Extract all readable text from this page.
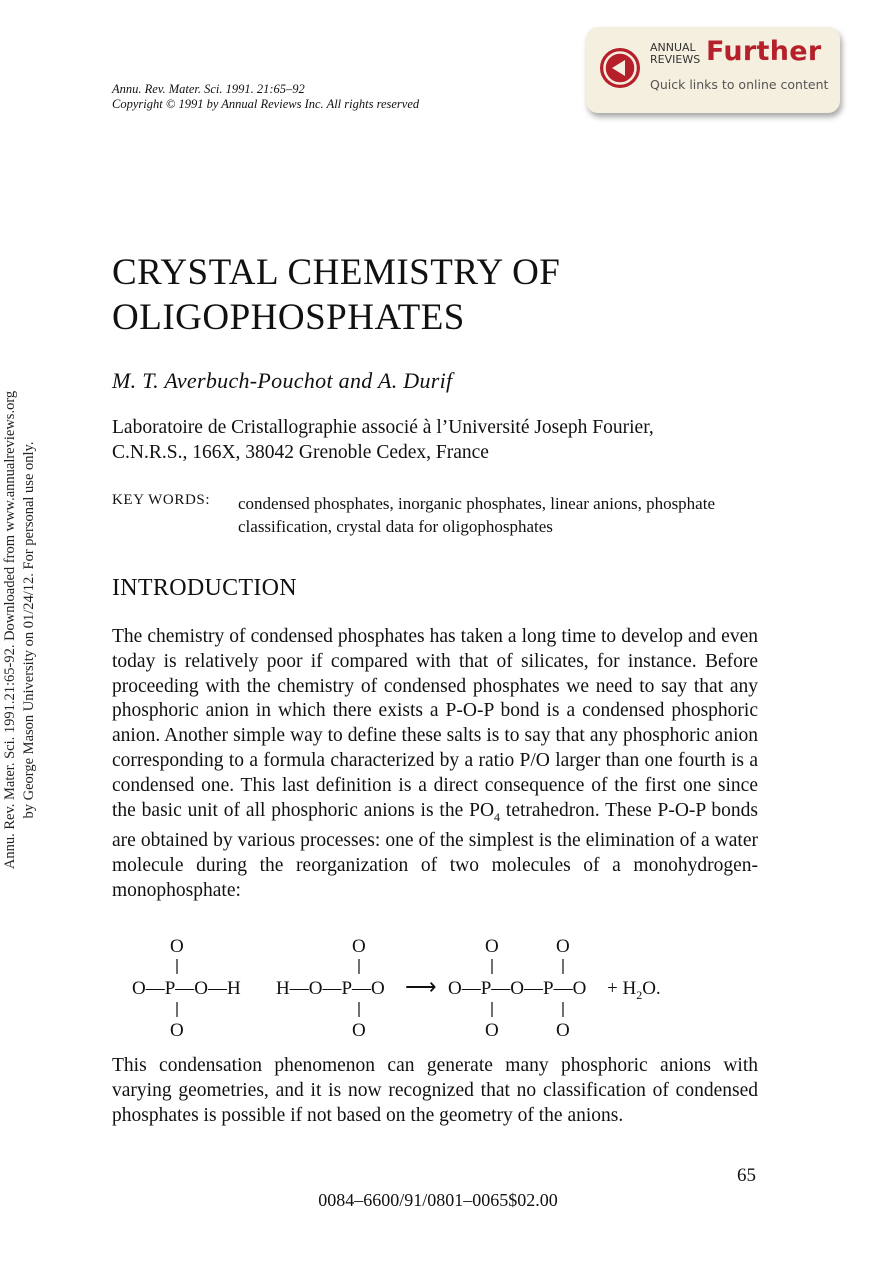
Annu. Rev. Mater. Sci. 1991. 21:65–92
Copyright © 1991 by Annual Reviews Inc. All rights reserved
ANNUAL
REVIEWS Further
Quick links to online content
Annu. Rev. Mater. Sci. 1991.21:65-92. Downloaded from www.annualreviews.org by George Mason University on 01/24/12. For personal use only.
CRYSTAL CHEMISTRY OF
OLIGOPHOSPHATES
M. T. Averbuch-Pouchot and A. Durif
Laboratoire de Cristallographie associé à l’Université Joseph Fourier,
C.N.R.S., 166X, 38042 Grenoble Cedex, France
KEY WORDS: condensed phosphates, inorganic phosphates, linear anions, phosphate classification, crystal data for oligophosphates
INTRODUCTION
The chemistry of condensed phosphates has taken a long time to develop and even today is relatively poor if compared with that of silicates, for instance. Before proceeding with the chemistry of condensed phosphates we need to say that any phosphoric anion in which there exists a P-O-P bond is a condensed phosphoric anion. Another simple way to define these salts is to say that any phosphoric anion corresponding to a formula characterized by a ratio P/O larger than one fourth is a condensed one. This last definition is a direct consequence of the first one since the basic unit of all phosphoric anions is the $PO_4$ tetrahedron. These P-O-P bonds are obtained by various processes: one of the simplest is the elimination of a water molecule during the reorganization of two molecules of a monohydrogen-monophosphate:
O
O—P—O—H
O
O
H—O—P—O
O
⟶
O	O
O—P—O—P—O
O	O
+ $H_2O$.
This condensation phenomenon can generate many phosphoric anions with varying geometries, and it is now recognized that no classification of condensed phosphates is possible if not based on the geometry of the anions.
65
0084–6600/91/0801–0065$02.00
